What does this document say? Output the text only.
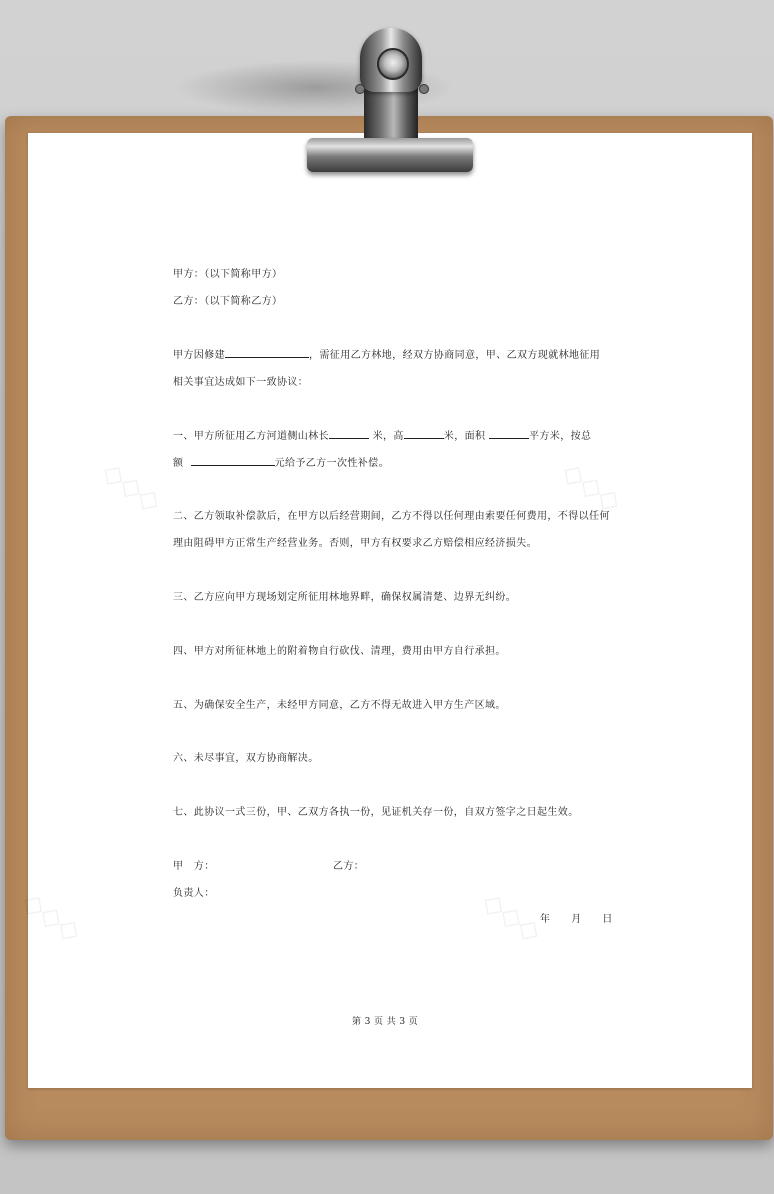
◇◇◇	◇◇◇
◇◇◇	◇◇◇
甲方：（以下简称甲方）
乙方：（以下简称乙方）
甲方因修建	，需征用乙方林地，经双方协商同意，甲、乙双方现就林地征用
相关事宜达成如下一致协议：
一、甲方所征用乙方河道侧山林长	米，高	米，面积	平方米，按总
额	元给予乙方一次性补偿。
二、乙方领取补偿款后，在甲方以后经营期间，乙方不得以任何理由索要任何费用，不得以任何
理由阻碍甲方正常生产经营业务。否则，甲方有权要求乙方赔偿相应经济损失。
三、乙方应向甲方现场划定所征用林地界畔，确保权属清楚、边界无纠纷。
四、甲方对所征林地上的附着物自行砍伐、清理，费用由甲方自行承担。
五、为确保安全生产，未经甲方同意，乙方不得无故进入甲方生产区域。
六、未尽事宜，双方协商解决。
七、此协议一式三份，甲、乙双方各执一份，见证机关存一份，自双方签字之日起生效。
甲　方：	乙方：
负责人：
年　　月　　日
第 3 页 共 3 页
